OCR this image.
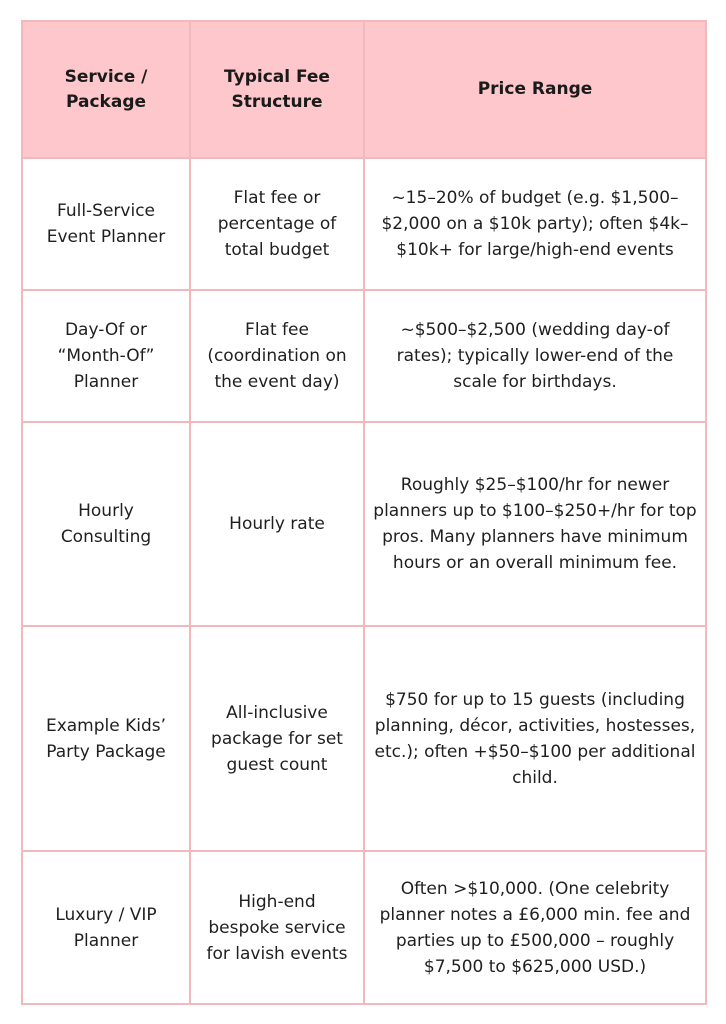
Service / Package	Typical Fee Structure	Price Range
Full-Service Event Planner	Flat fee or percentage of total budget	~15–20% of budget (e.g. $1,500–$2,000 on a $10k party); often $4k–$10k+ for large/high-end events
Day-Of or “Month-Of” Planner	Flat fee (coordination on the event day)	~$500–$2,500 (wedding day-of rates); typically lower-end of the scale for birthdays.
Hourly Consulting	Hourly rate	Roughly $25–$100/hr for newer planners up to $100–$250+/hr for top pros. Many planners have minimum hours or an overall minimum fee.
Example Kids’ Party Package	All-inclusive package for set guest count	$750 for up to 15 guests (including planning, décor, activities, hostesses, etc.); often +$50–$100 per additional child.
Luxury / VIP Planner	High-end bespoke service for lavish events	Often >$10,000. (One celebrity planner notes a £6,000 min. fee and parties up to £500,000 – roughly $7,500 to $625,000 USD.)
